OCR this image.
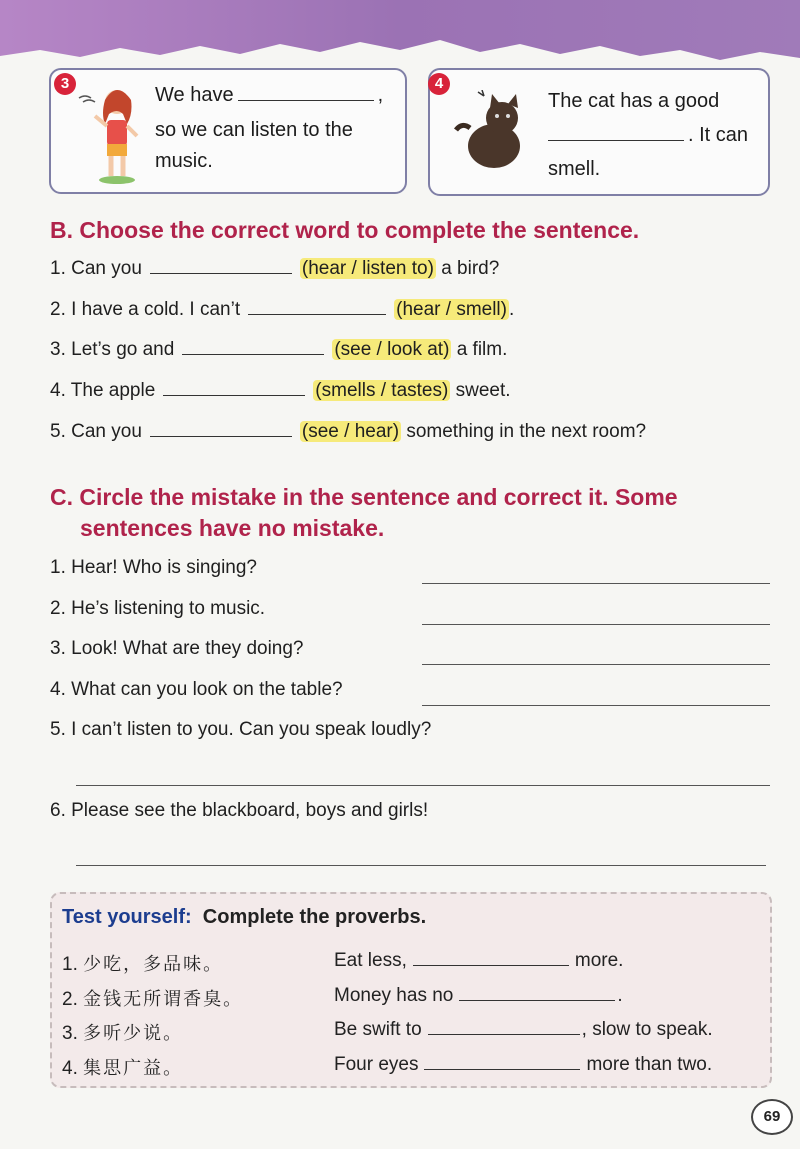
3
We have	,
so we can listen to the
music.
4
The cat has a good
. It can
smell.
B. Choose the correct word to complete the sentence.
1. Can you	(hear / listen to) a bird?
2. I have a cold. I can’t	(hear / smell) .
3. Let’s go and	(see / look at) a film.
4. The apple	(smells / tastes) sweet.
5. Can you	(see / hear) something in the next room?
C. Circle the mistake in the sentence and correct it. Some
sentences have no mistake.
1. Hear! Who is singing?
2. He’s listening to music.
3. Look! What are they doing?
4. What can you look on the table?
5. I can’t listen to you. Can you speak loudly?
6. Please see the blackboard, boys and girls!
Test yourself: Complete the proverbs.
1. 少吃，多品味。	Eat less,	more.
2. 金钱无所谓香臭。	Money has no	.
3. 多听少说。	Be swift to	, slow to speak.
4. 集思广益。	Four eyes	more than two.
69
